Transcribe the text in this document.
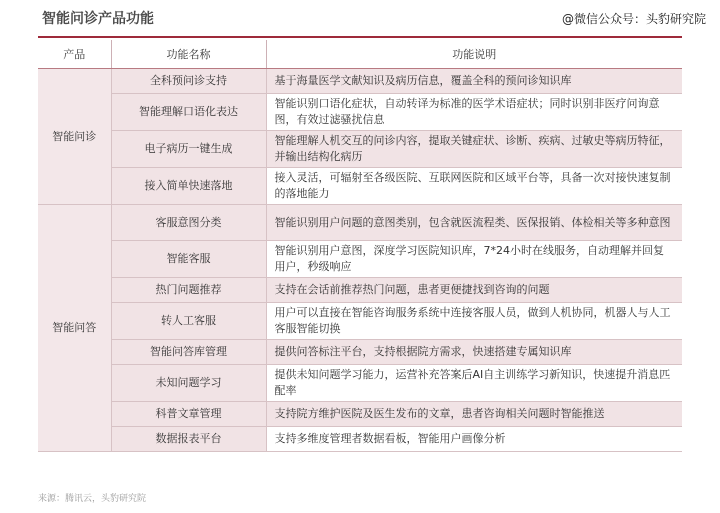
智能问诊产品功能	@微信公众号：头豹研究院
产品	功能名称	功能说明
智能问诊	全科预问诊支持	基于海量医学文献知识及病历信息，覆盖全科的预问诊知识库
	智能理解口语化表达	智能识别口语化症状，自动转译为标准的医学术语症状；同时识别非医疗问询意图，有效过滤骚扰信息
	电子病历一键生成	智能理解人机交互的问诊内容，提取关键症状、诊断、疾病、过敏史等病历特征，并输出结构化病历
	接入简单快速落地	接入灵活，可辐射至各级医院、互联网医院和区域平台等，具备一次对接快速复制的落地能力
智能问答	客服意图分类	智能识别用户问题的意图类别，包含就医流程类、医保报销、体检相关等多种意图
	智能客服	智能识别用户意图，深度学习医院知识库，7*24小时在线服务，自动理解并回复用户，秒级响应
	热门问题推荐	支持在会话前推荐热门问题，患者更便捷找到咨询的问题
	转人工客服	用户可以直接在智能咨询服务系统中连接客服人员，做到人机协同，机器人与人工客服智能切换
	智能问答库管理	提供问答标注平台，支持根据院方需求，快速搭建专属知识库
	未知问题学习	提供未知问题学习能力，运营补充答案后AI自主训练学习新知识，快速提升消息匹配率
	科普文章管理	支持院方维护医院及医生发布的文章，患者咨询相关问题时智能推送
	数据报表平台	支持多维度管理者数据看板，智能用户画像分析
来源：腾讯云，头豹研究院
